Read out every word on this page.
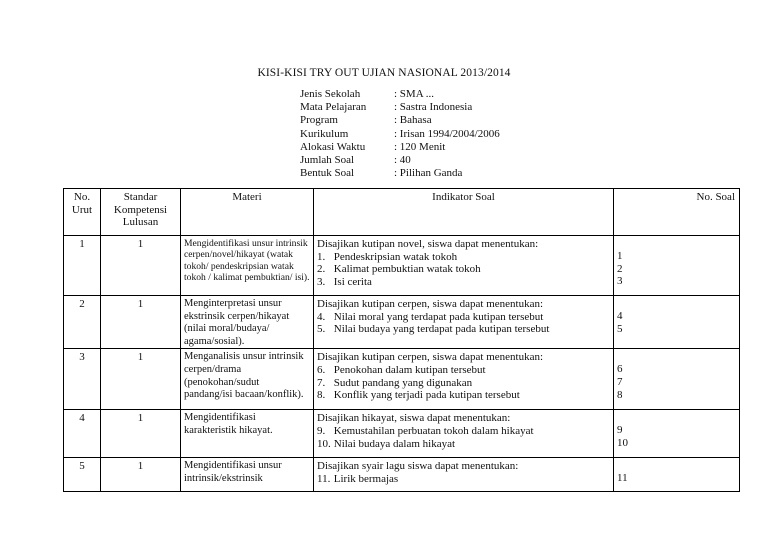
KISI-KISI TRY OUT UJIAN NASIONAL 2013/2014
Jenis Sekolah	: SMA ...
Mata Pelajaran	: Sastra Indonesia
Program	: Bahasa
Kurikulum	: Irisan 1994/2004/2006
Alokasi Waktu	: 120 Menit
Jumlah Soal	: 40
Bentuk Soal	: Pilihan Ganda
No. Urut	Standar Kompetensi Lulusan	Materi	Indikator Soal	No. Soal
1	1	Mengidentifikasi unsur intrinsik cerpen/novel/hikayat (watak tokoh/ pendeskripsian watak tokoh / kalimat pembuktian/ isi).	Disajikan kutipan novel, siswa dapat menentukan:
1. Pendeskripsian watak tokoh
2. Kalimat pembuktian watak tokoh
3. Isi cerita	1
2
3

2	1	Menginterpretasi unsur ekstrinsik cerpen/hikayat (nilai moral/budaya/ agama/sosial).	Disajikan kutipan cerpen, siswa dapat menentukan:
4. Nilai moral yang terdapat pada kutipan tersebut
5. Nilai budaya yang terdapat pada kutipan tersebut	4
5

3	1	Menganalisis unsur intrinsik cerpen/drama (penokohan/sudut pandang/isi bacaan/konflik).	Disajikan kutipan cerpen, siswa dapat menentukan:
6. Penokohan dalam kutipan tersebut
7. Sudut pandang yang digunakan
8. Konflik yang terjadi pada kutipan tersebut	6
7
8

4	1	Mengidentifikasi karakteristik hikayat.	Disajikan hikayat, siswa dapat menentukan:
9. Kemustahilan perbuatan tokoh dalam hikayat
10. Nilai budaya dalam hikayat	9
10

5	1	Mengidentifikasi unsur intrinsik/ekstrinsik	Disajikan syair lagu siswa dapat menentukan:
11. Lirik bermajas	11
